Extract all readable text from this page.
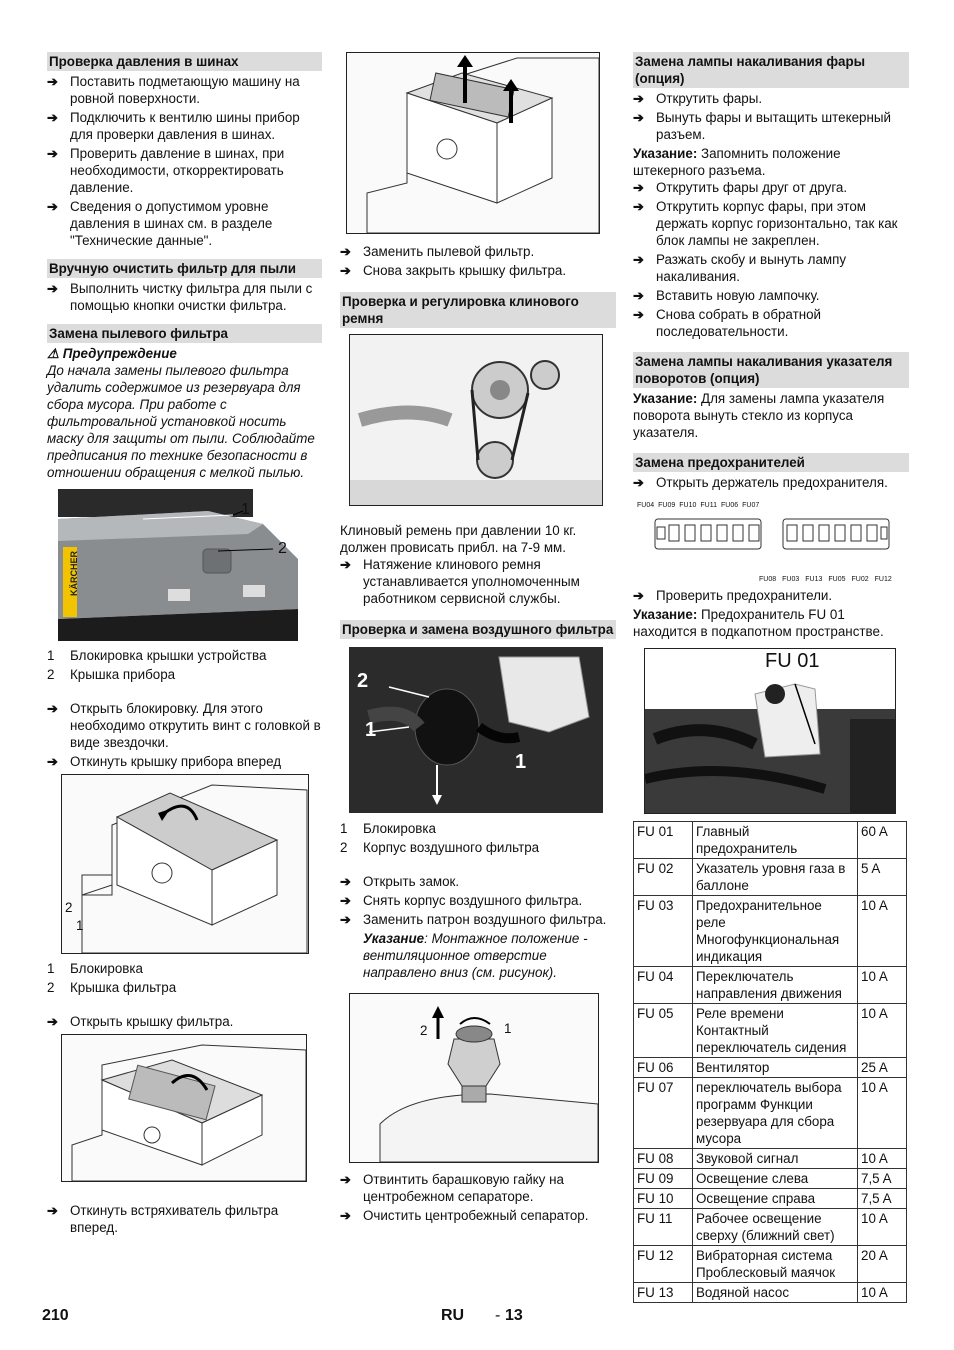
Проверка давления в шинах
➔ Поставить подметающую машину на ровной поверхности.
➔ Подключить к вентилю шины прибор для проверки давления в шинах.
➔ Проверить давление в шинах, при необходимости, откорректировать давление.
➔ Сведения о допустимом уровне давления в шинах см. в разделе "Технические данные".
Вручную очистить фильтр для пыли
➔ Выполнить чистку фильтра для пыли с помощью кнопки очистки фильтра.
Замена пылевого фильтра
⚠ Предупреждение
До начала замены пылевого фильтра удалить содержимое из резервуара для сбора мусора. При работе с фильтровальной установкой носить маску для защиты от пыли. Соблюдайте предписания по технике безопасности в отношении обращения с мелкой пылью.
1
2
KÄRCHER
1	Блокировка крышки устройства
2	Крышка прибора
➔ Открыть блокировку. Для этого необходимо открутить винт с головкой в виде звездочки.
➔ Откинуть крышку прибора вперед
2
1
1	Блокировка
2	Крышка фильтра
➔ Открыть крышку фильтра.
➔ Откинуть встряхиватель фильтра вперед.
➔ Заменить пылевой фильтр.
➔ Снова закрыть крышку фильтра.
Проверка и регулировка клинового ремня
Клиновый ремень при давлении 10 кг. должен провисать прибл. на 7-9 мм.
➔ Натяжение клинового ремня устанавливается уполномоченным работником сервисной службы.
Проверка и замена воздушного фильтра
2
1
1
1	Блокировка
2	Корпус воздушного фильтра
➔ Открыть замок.
➔ Снять корпус воздушного фильтра.
➔ Заменить патрон воздушного фильтра.
Указание: Монтажное положение - вентиляционное отверстие направлено вниз (см. рисунок).
2	1
➔ Отвинтить барашковую гайку на центробежном сепараторе.
➔ Очистить центробежный сепаратор.
Замена лампы накаливания фары (опция)
➔ Открутить фары.
➔ Вынуть фары и вытащить штекерный разъем.
Указание: Запомнить положение штекерного разъема.
➔ Открутить фары друг от друга.
➔ Открутить корпус фары, при этом держать корпус горизонтально, так как блок лампы не закреплен.
➔ Разжать скобу и вынуть лампу накаливания.
➔ Вставить новую лампочку.
➔ Снова собрать в обратной последовательности.
Замена лампы накаливания указателя поворотов (опция)
Указание: Для замены лампа указателя поворота вынуть стекло из корпуса указателя.
Замена предохранителей
➔ Открыть держатель предохранителя.
FU04 FU09 FU10 FU11 FU06 FU07
FU08 FU03 FU13 FU05 FU02 FU12
➔ Проверить предохранители.
Указание: Предохранитель FU 01 находится в подкапотном пространстве.
FU 01
FU 01	Главный предохранитель	60 A
FU 02	Указатель уровня газа в баллоне	5 A
FU 03	Предохранительное реле Многофункциональная индикация	10 A
FU 04	Переключатель направления движения	10 A
FU 05	Реле времени Контактный переключатель сидения	10 A
FU 06	Вентилятор	25 A
FU 07	переключатель выбора программ Функции резервуара для сбора мусора	10 A
FU 08	Звуковой сигнал	10 A
FU 09	Освещение слева	7,5 A
FU 10	Освещение справа	7,5 A
FU 11	Рабочее освещение сверху (ближний свет)	10 A
FU 12	Вибраторная система Проблесковый маячок	20 A
FU 13	Водяной насос	10 A
210	RU - 13
